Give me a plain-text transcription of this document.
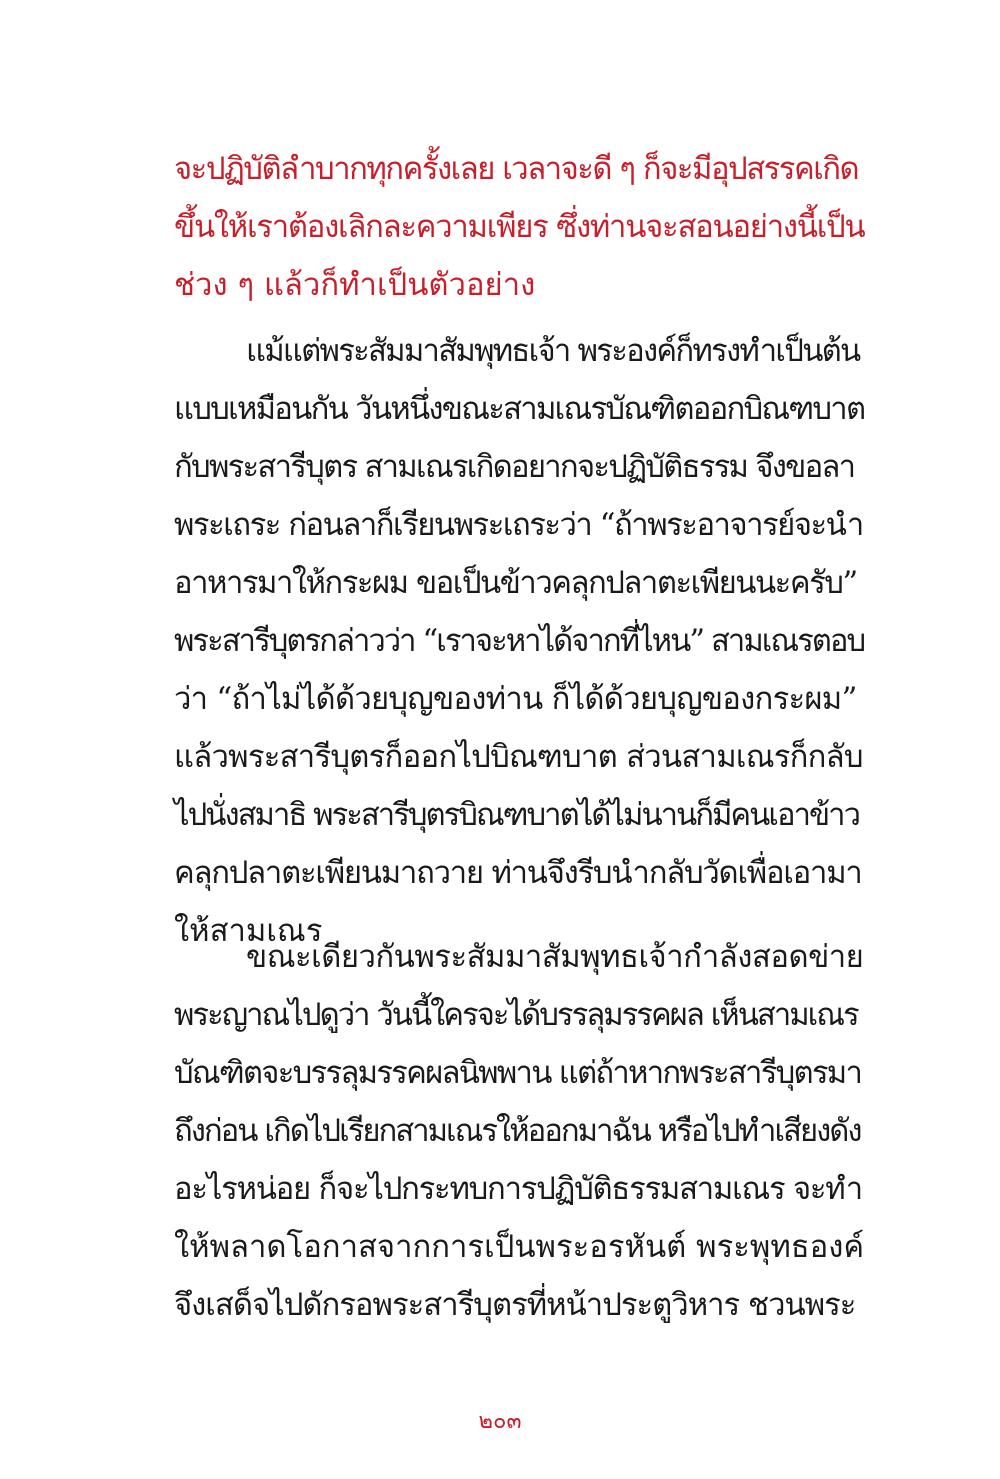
จะปฏิบัติลำบากทุกครั้งเลย เวลาจะดี ๆ ก็จะมีอุปสรรคเกิด
ขึ้นให้เราต้องเลิกละความเพียร ซึ่งท่านจะสอนอย่างนี้เป็น
ช่วง ๆ แล้วก็ทำเป็นตัวอย่าง
แม้แต่พระสัมมาสัมพุทธเจ้า พระองค์ก็ทรงทำเป็นต้น
แบบเหมือนกัน วันหนึ่งขณะสามเณรบัณฑิตออกบิณฑบาต
กับพระสารีบุตร สามเณรเกิดอยากจะปฏิบัติธรรม จึงขอลา
พระเถระ ก่อนลาก็เรียนพระเถระว่า “ถ้าพระอาจารย์จะนำ
อาหารมาให้กระผม ขอเป็นข้าวคลุกปลาตะเพียนนะครับ”
พระสารีบุตรกล่าวว่า “เราจะหาได้จากที่ไหน” สามเณรตอบ
ว่า “ถ้าไม่ได้ด้วยบุญของท่าน ก็ได้ด้วยบุญของกระผม”
แล้วพระสารีบุตรก็ออกไปบิณฑบาต ส่วนสามเณรก็กลับ
ไปนั่งสมาธิ พระสารีบุตรบิณฑบาตได้ไม่นานก็มีคนเอาข้าว
คลุกปลาตะเพียนมาถวาย ท่านจึงรีบนำกลับวัดเพื่อเอามา
ให้สามเณร
ขณะเดียวกันพระสัมมาสัมพุทธเจ้ากำลังสอดข่าย
พระญาณไปดูว่า วันนี้ใครจะได้บรรลุมรรคผล เห็นสามเณร
บัณฑิตจะบรรลุมรรคผลนิพพาน แต่ถ้าหากพระสารีบุตรมา
ถึงก่อน เกิดไปเรียกสามเณรให้ออกมาฉัน หรือไปทำเสียงดัง
อะไรหน่อย ก็จะไปกระทบการปฏิบัติธรรมสามเณร จะทำ
ให้พลาดโอกาสจากการเป็นพระอรหันต์ พระพุทธองค์
จึงเสด็จไปดักรอพระสารีบุตรที่หน้าประตูวิหาร ชวนพระ
๒๐๓
